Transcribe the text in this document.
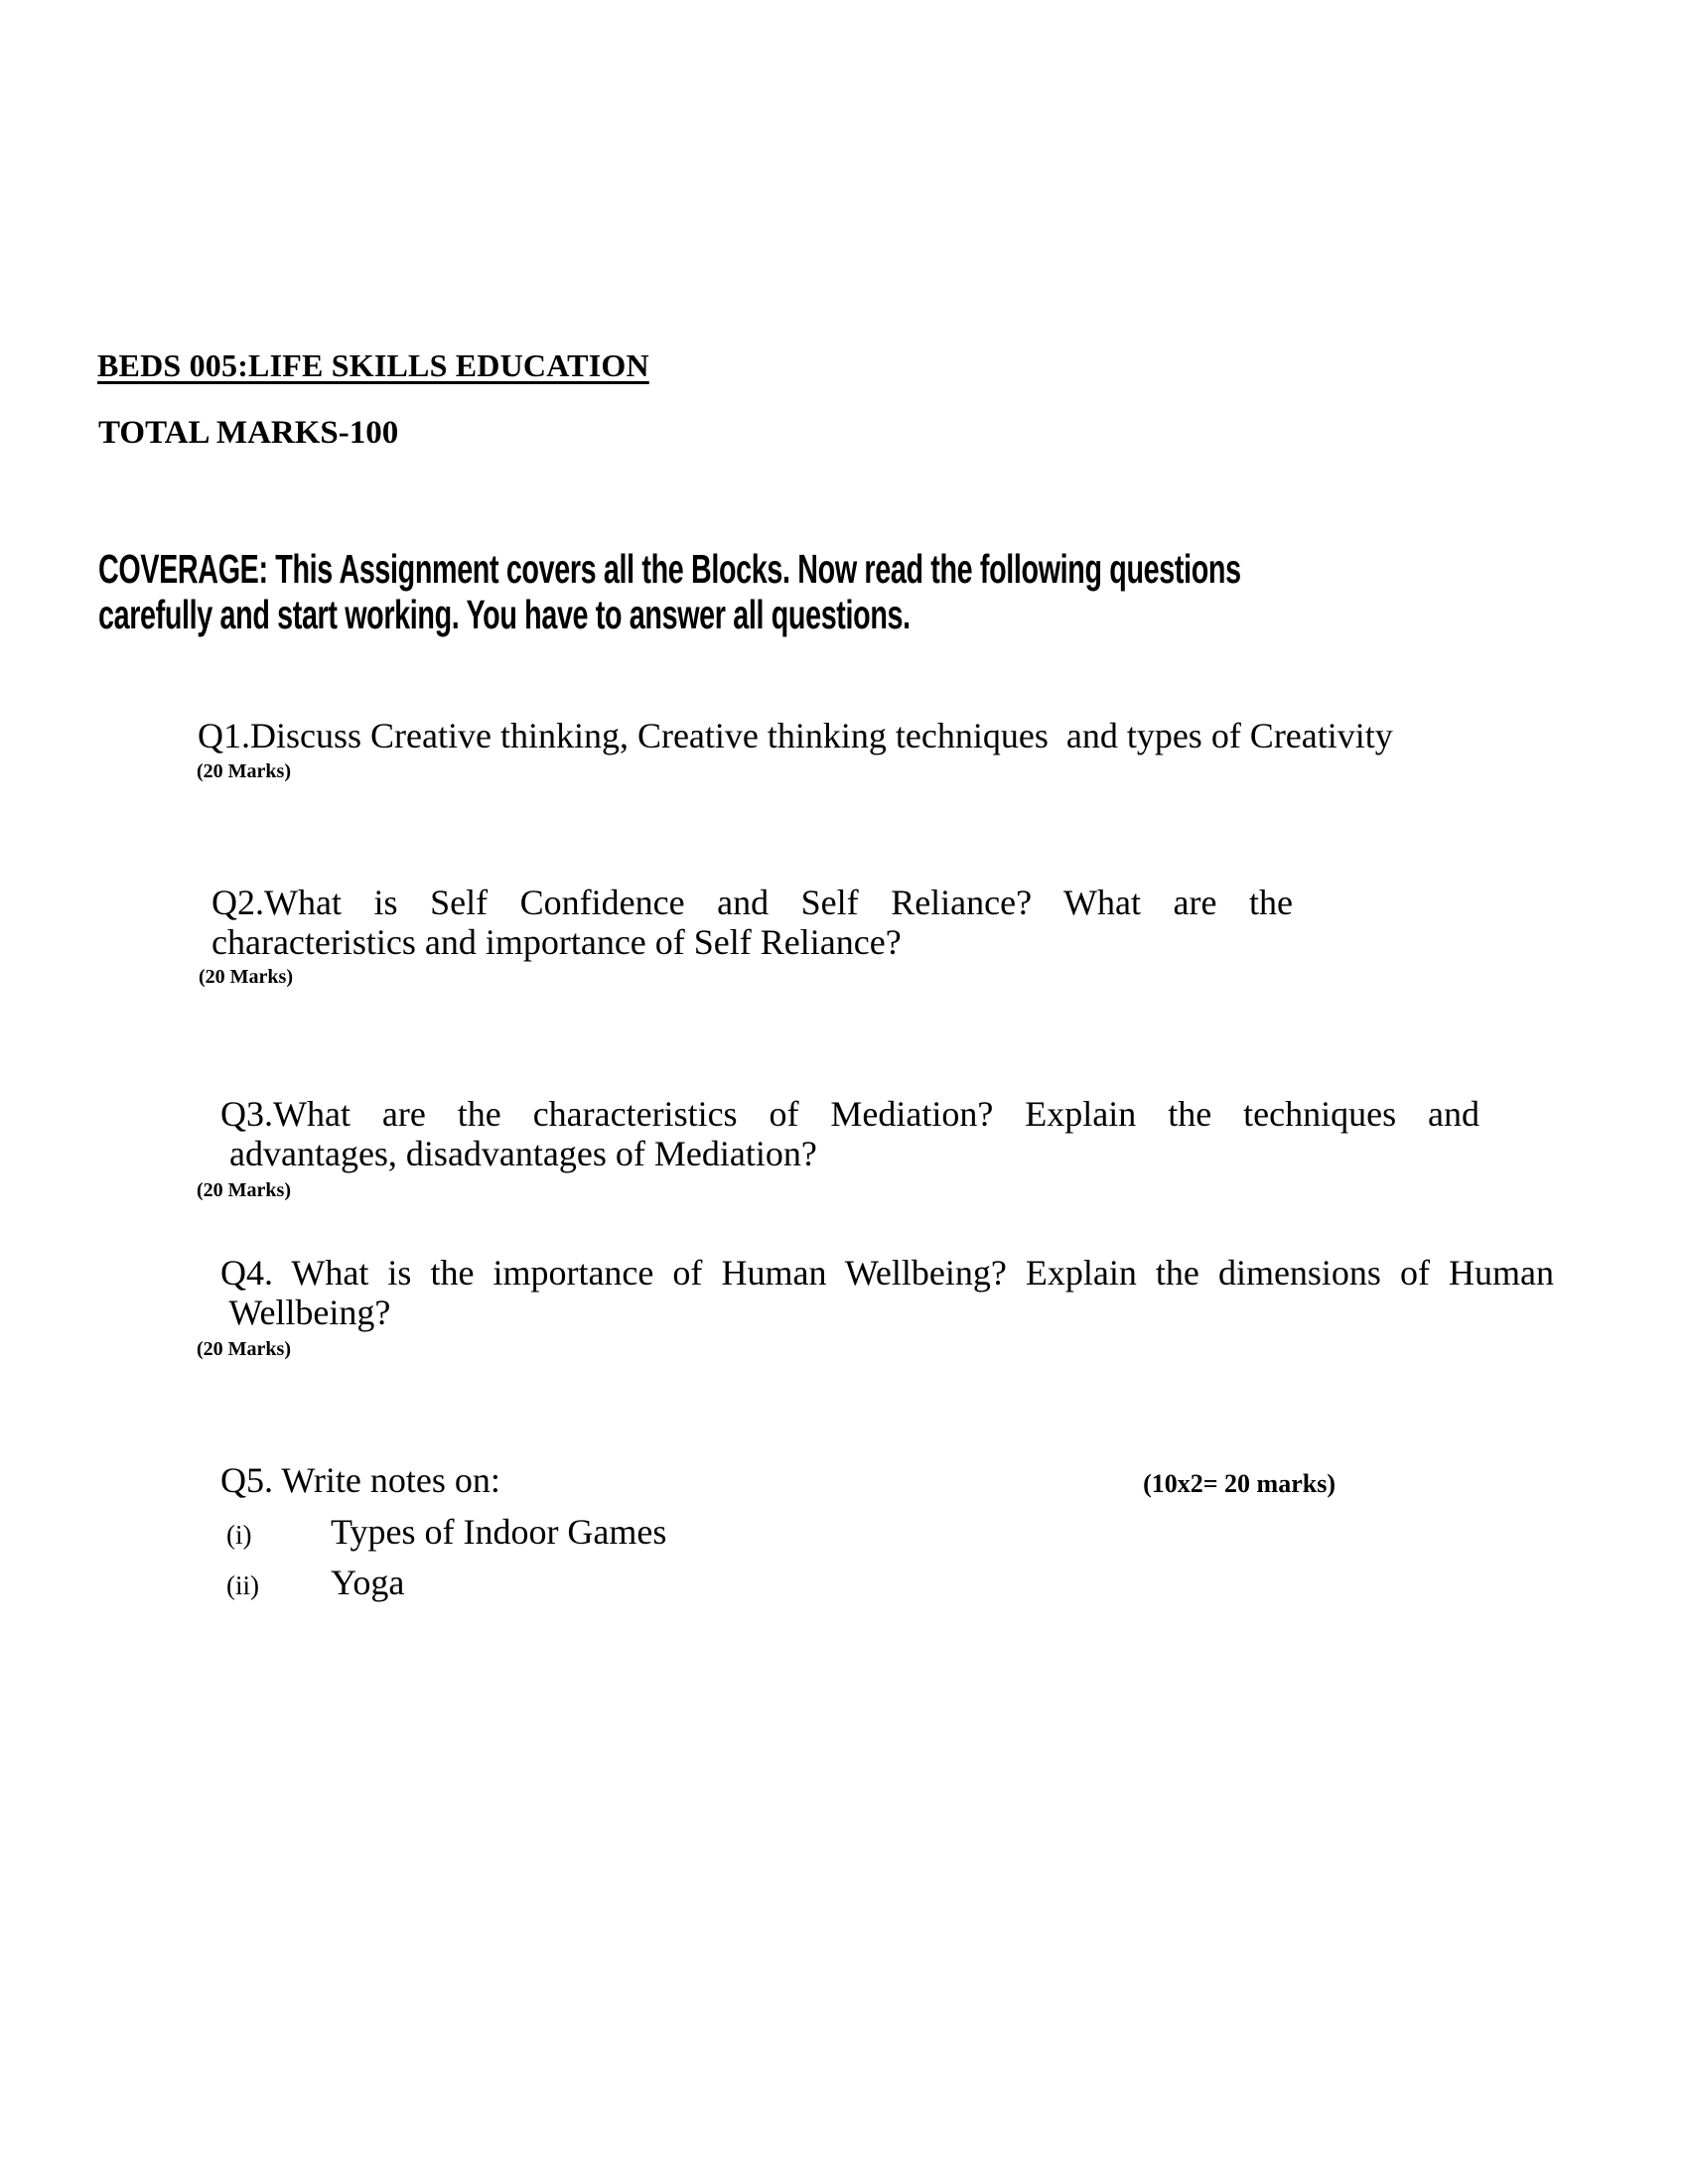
BEDS 005:LIFE SKILLS EDUCATION
TOTAL MARKS-100
COVERAGE: This Assignment covers all the Blocks. Now read the following questions
carefully and start working. You have to answer all questions.
Q1.Discuss Creative thinking, Creative thinking techniques  and types of Creativity
(20 Marks)
Q2.What is Self Confidence and Self Reliance? What are the
characteristics and importance of Self Reliance?
(20 Marks)
Q3.What are the characteristics of Mediation? Explain the techniques and
advantages, disadvantages of Mediation?
(20 Marks)
Q4. What is the importance of Human Wellbeing? Explain the dimensions of Human
Wellbeing?
(20 Marks)
Q5. Write notes on:	(10x2= 20 marks)
(i)	Types of Indoor Games
(ii)	Yoga
